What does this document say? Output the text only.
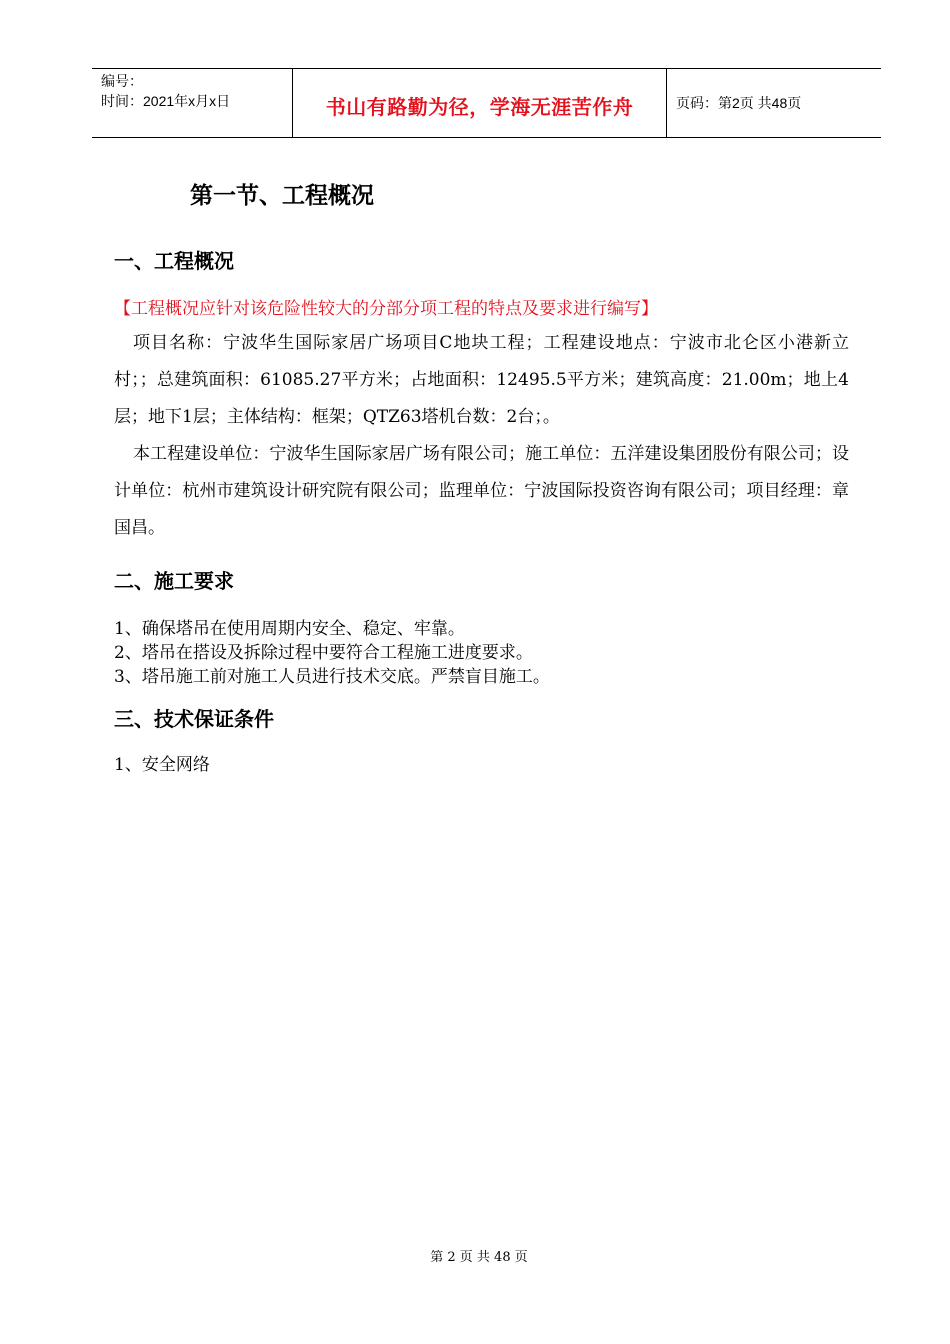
编号：
时间：2021年x月x日	书山有路勤为径，学海无涯苦作舟	页码：第2页 共48页
第一节、工程概况
一、工程概况
【工程概况应针对该危险性较大的分部分项工程的特点及要求进行编写】
项目名称：宁波华生国际家居广场项目C地块工程；工程建设地点：宁波市北仑区小港新立村；；总建筑面积：61085.27平方米；占地面积：12495.5平方米；建筑高度：21.00m；地上4层；地下1层；主体结构：框架；QTZ63塔机台数：2台；。
本工程建设单位：宁波华生国际家居广场有限公司；施工单位：五洋建设集团股份有限公司；设计单位：杭州市建筑设计研究院有限公司；监理单位：宁波国际投资咨询有限公司；项目经理：章国昌。
二、施工要求
1、确保塔吊在使用周期内安全、稳定、牢靠。
2、塔吊在搭设及拆除过程中要符合工程施工进度要求。
3、塔吊施工前对施工人员进行技术交底。严禁盲目施工。
三、技术保证条件
1、安全网络
第 2 页 共 48 页
